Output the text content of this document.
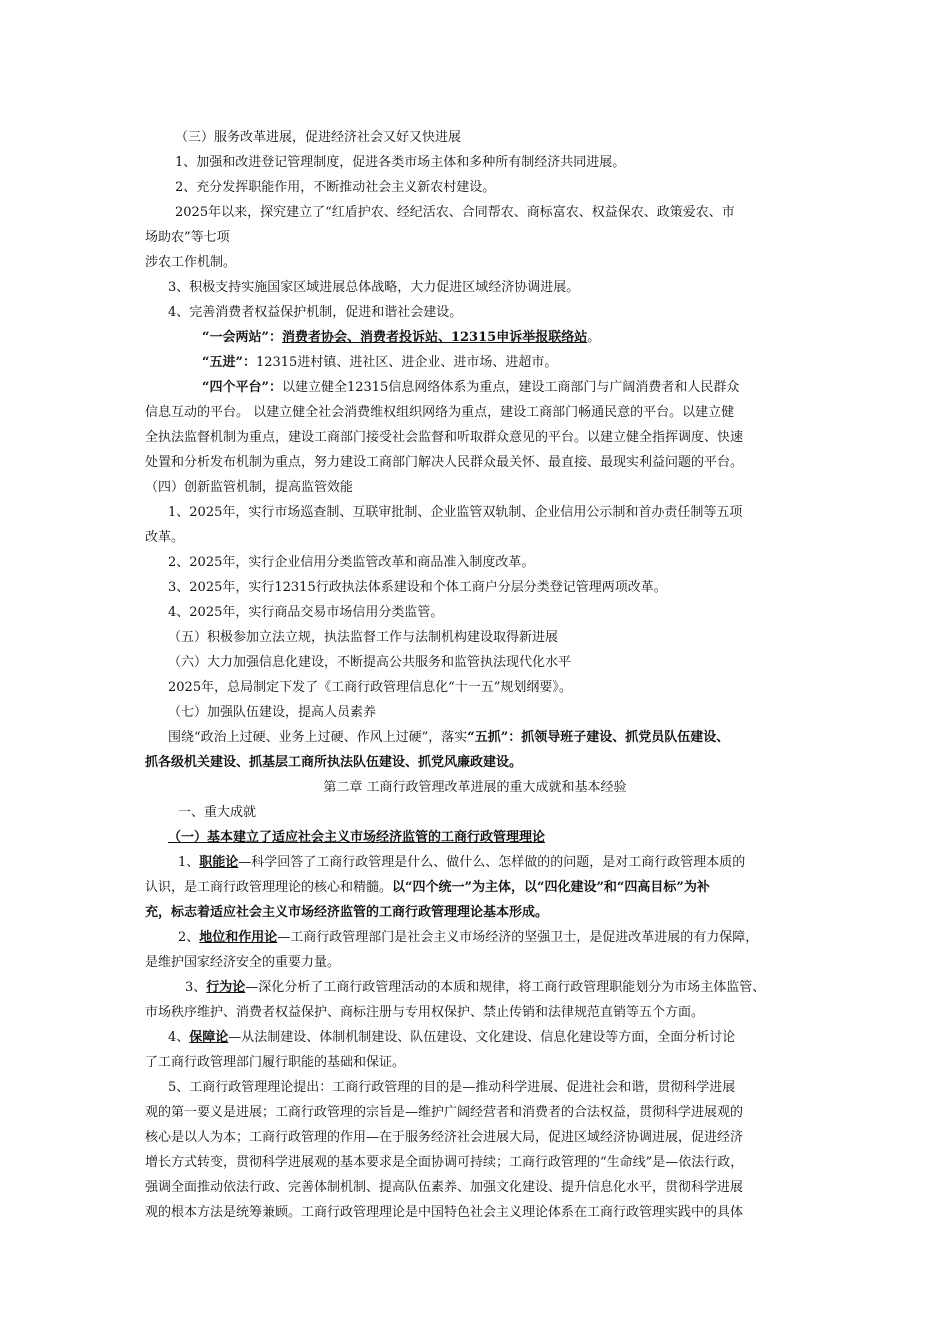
（三）服务改革进展，促进经济社会又好又快进展
1、加强和改进登记管理制度，促进各类市场主体和多种所有制经济共同进展。
2、充分发挥职能作用，不断推动社会主义新农村建设。
2025年以来，探究建立了“红盾护农、经纪活农、合同帮农、商标富农、权益保农、政策爱农、市
场助农”等七项
涉农工作机制。
3、积极支持实施国家区域进展总体战略，大力促进区域经济协调进展。
4、完善消费者权益保护机制，促进和谐社会建设。
“一会两站”：消费者协会、消费者投诉站、12315申诉举报联络站。
“五进”：12315进村镇、进社区、进企业、进市场、进超市。
“四个平台”：以建立健全12315信息网络体系为重点，建设工商部门与广阔消费者和人民群众
信息互动的平台。 以建立健全社会消费维权组织网络为重点，建设工商部门畅通民意的平台。以建立健
全执法监督机制为重点，建设工商部门接受社会监督和听取群众意见的平台。以建立健全指挥调度、快速
处置和分析发布机制为重点，努力建设工商部门解决人民群众最关怀、最直接、最现实利益问题的平台。
（四）创新监管机制，提高监管效能
1、2025年，实行市场巡查制、互联审批制、企业监管双轨制、企业信用公示制和首办责任制等五项
改革。
2、2025年，实行企业信用分类监管改革和商品准入制度改革。
3、2025年，实行12315行政执法体系建设和个体工商户分层分类登记管理两项改革。
4、2025年，实行商品交易市场信用分类监管。
（五）积极参加立法立规，执法监督工作与法制机构建设取得新进展
（六）大力加强信息化建设，不断提高公共服务和监管执法现代化水平
2025年，总局制定下发了《工商行政管理信息化“十一五”规划纲要》。
（七）加强队伍建设，提高人员素养
围绕“政治上过硬、业务上过硬、作风上过硬”，落实“五抓”：抓领导班子建设、抓党员队伍建设、
抓各级机关建设、抓基层工商所执法队伍建设、抓党风廉政建设。
第二章 工商行政管理改革进展的重大成就和基本经验
一、重大成就
（一）基本建立了适应社会主义市场经济监管的工商行政管理理论
1、职能论—科学回答了工商行政管理是什么、做什么、怎样做的的问题，是对工商行政管理本质的
认识，是工商行政管理理论的核心和精髓。以“四个统一”为主体，以“四化建设”和“四高目标”为补
充，标志着适应社会主义市场经济监管的工商行政管理理论基本形成。
2、地位和作用论—工商行政管理部门是社会主义市场经济的坚强卫士，是促进改革进展的有力保障，
是维护国家经济安全的重要力量。
3、行为论—深化分析了工商行政管理活动的本质和规律，将工商行政管理职能划分为市场主体监管、
市场秩序维护、消费者权益保护、商标注册与专用权保护、禁止传销和法律规范直销等五个方面。
4、保障论—从法制建设、体制机制建设、队伍建设、文化建设、信息化建设等方面，全面分析讨论
了工商行政管理部门履行职能的基础和保证。
5、工商行政管理理论提出：工商行政管理的目的是—推动科学进展、促进社会和谐，贯彻科学进展
观的第一要义是进展；工商行政管理的宗旨是—维护广阔经营者和消费者的合法权益，贯彻科学进展观的
核心是以人为本；工商行政管理的作用—在于服务经济社会进展大局，促进区域经济协调进展，促进经济
增长方式转变，贯彻科学进展观的基本要求是全面协调可持续；工商行政管理的“生命线”是—依法行政，
强调全面推动依法行政、完善体制机制、提高队伍素养、加强文化建设、提升信息化水平，贯彻科学进展
观的根本方法是统筹兼顾。工商行政管理理论是中国特色社会主义理论体系在工商行政管理实践中的具体
